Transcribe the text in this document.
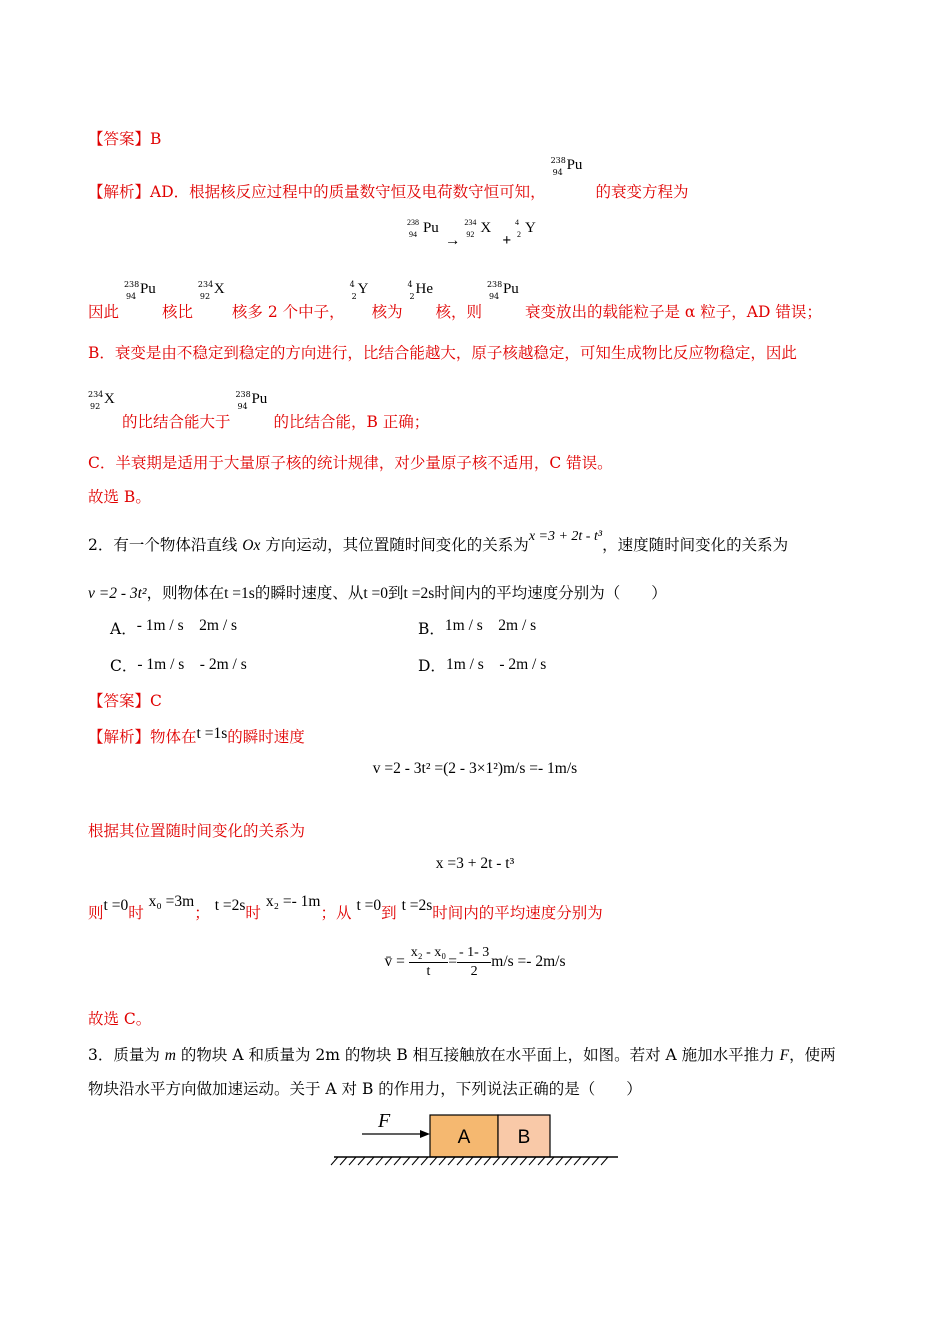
【答案】B
【解析】AD．根据核反应过程中的质量数守恒及电荷数守恒可知，
238
94 Pu
的衰变方程为
238
94 Pu
→
234
92 X
+
4
2 Y
因此
238
94 Pu
核比
234
92 X
核多 2 个中子，
4
2 Y
核为
4
2 He
核，则
238
94 Pu
衰变放出的载能粒子是 α 粒子，AD 错误；
B．衰变是由不稳定到稳定的方向进行，比结合能越大，原子核越稳定，可知生成物比反应物稳定，因此
234
92 X
的比结合能大于
238
94 Pu
的比结合能，B 正确；
C．半衰期是适用于大量原子核的统计规律，对少量原子核不适用，C 错误。
故选 B。
2．有一个物体沿直线 Ox 方向运动，其位置随时间变化的关系为x =3 + 2t - t³，速度随时间变化的关系为
v =2 - 3t²，则物体在t =1s的瞬时速度、从t =0到t =2s时间内的平均速度分别为（　　）
A．- 1m / s　2m / s	B．1m / s　2m / s
C．- 1m / s　- 2m / s	D．1m / s　- 2m / s
【答案】C
【解析】物体在t =1s的瞬时速度
v =2 - 3t² =(2 - 3×1²)m/s =- 1m/s
根据其位置随时间变化的关系为
x =3 + 2t - t³
则t =0时 x₀ =3m； t =2s时 x₂ =- 1m；从 t =0到 t =2s时间内的平均速度分别为
v̄ = $\frac{\text{x₂ - x₀}}{t} = \frac{- 1- 3}{2} m/s =- 2m/s$
故选 C。
3．质量为 m 的物块 A 和质量为 2m 的物块 B 相互接触放在水平面上，如图。若对 A 施加水平推力 F，使两
物块沿水平方向做加速运动。关于 A 对 B 的作用力，下列说法正确的是（　　）
F
A B
